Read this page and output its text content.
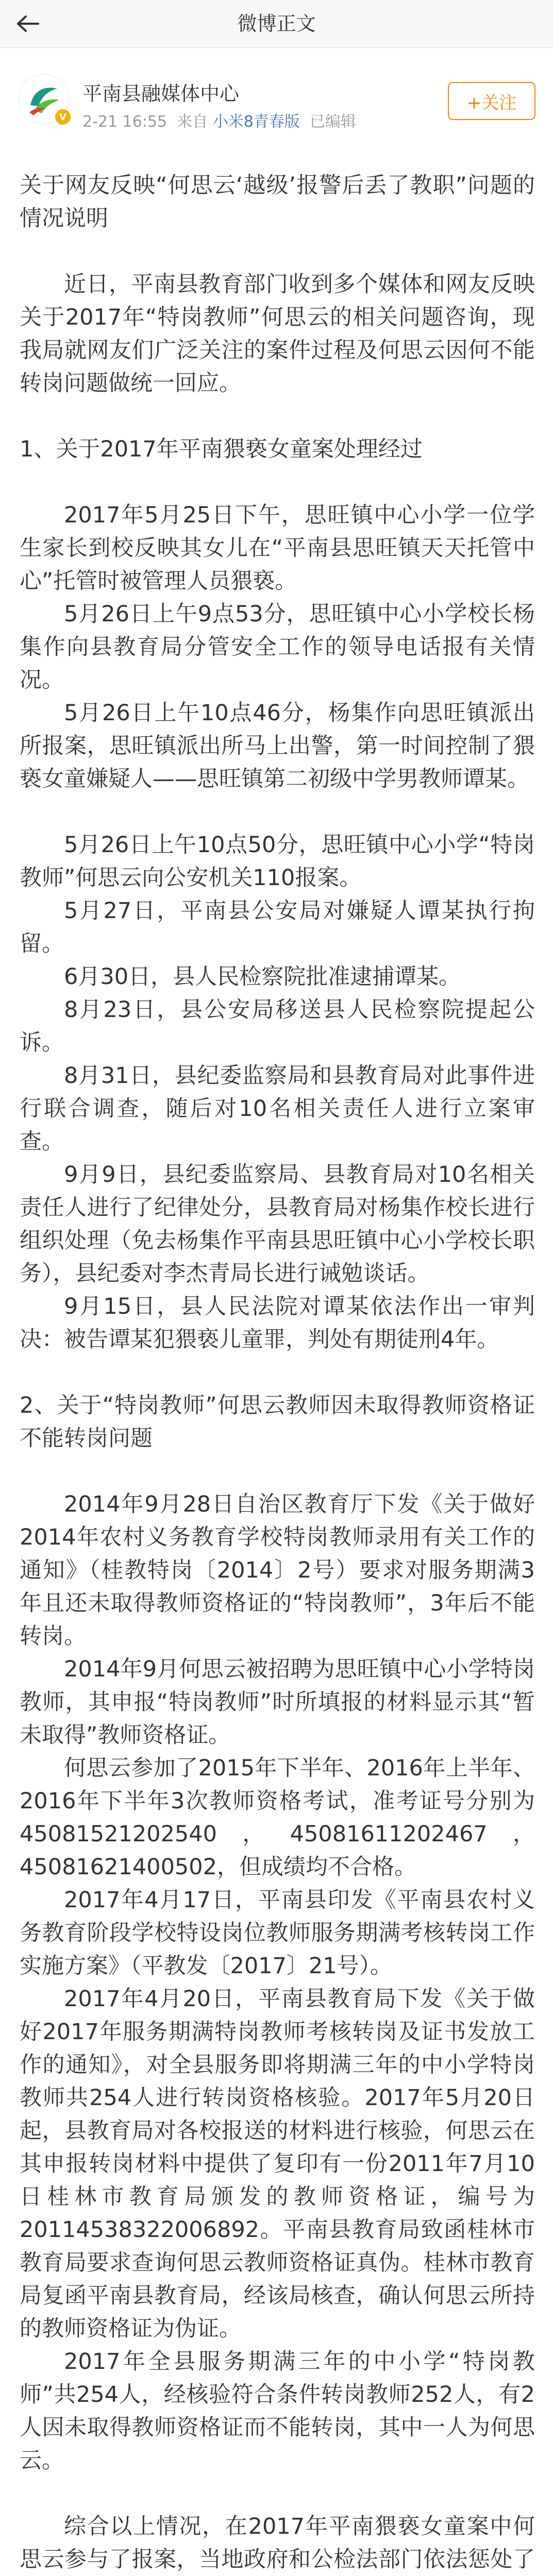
微博正文
V
平南县融媒体中心
2-21 16:55 来自 小米8青春版 已编辑
+关注

关于网友反映“何思云‘越级’报警后丢了教职”问题的情况说明

近日，平南县教育部门收到多个媒体和网友反映关于2017年“特岗教师”何思云的相关问题咨询，现我局就网友们广泛关注的案件过程及何思云因何不能转岗问题做统一回应。

1、关于2017年平南猥亵女童案处理经过

2017年5月25日下午，思旺镇中心小学一位学生家长到校反映其女儿在“平南县思旺镇天天托管中心”托管时被管理人员猥亵。

5月26日上午9点53分，思旺镇中心小学校长杨集作向县教育局分管安全工作的领导电话报有关情况。

5月26日上午10点46分，杨集作向思旺镇派出所报案，思旺镇派出所马上出警，第一时间控制了猥亵女童嫌疑人——思旺镇第二初级中学男教师谭某。

5月26日上午10点50分，思旺镇中心小学“特岗教师”何思云向公安机关110报案。

5月27日，平南县公安局对嫌疑人谭某执行拘留。

6月30日，县人民检察院批准逮捕谭某。

8月23日，县公安局移送县人民检察院提起公诉。

8月31日，县纪委监察局和县教育局对此事件进行联合调查，随后对10名相关责任人进行立案审查。

9月9日，县纪委监察局、县教育局对10名相关责任人进行了纪律处分，县教育局对杨集作校长进行组织处理（免去杨集作平南县思旺镇中心小学校长职务），县纪委对李杰青局长进行诫勉谈话。

9月15日，县人民法院对谭某依法作出一审判决：被告谭某犯猥亵儿童罪，判处有期徒刑4年。

2、关于“特岗教师”何思云教师因未取得教师资格证不能转岗问题

2014年9月28日自治区教育厅下发《关于做好2014年农村义务教育学校特岗教师录用有关工作的通知》（桂教特岗〔2014〕2号）要求对服务期满3年且还未取得教师资格证的“特岗教师”，3年后不能转岗。

2014年9月何思云被招聘为思旺镇中心小学特岗教师，其申报“特岗教师”时所填报的材料显示其“暂未取得”教师资格证。

何思云参加了2015年下半年、2016年上半年、2016年下半年3次教师资格考试，准考证号分别为45081521202540，45081611202467，45081621400502，但成绩均不合格。

2017年4月17日，平南县印发《平南县农村义务教育阶段学校特设岗位教师服务期满考核转岗工作实施方案》（平教发〔2017〕21号）。

2017年4月20日，平南县教育局下发《关于做好2017年服务期满特岗教师考核转岗及证书发放工作的通知》，对全县服务即将期满三年的中小学特岗教师共254人进行转岗资格核验。2017年5月20日起，县教育局对各校报送的材料进行核验，何思云在其申报转岗材料中提供了复印有一份2011年7月10日桂林市教育局颁发的教师资格证，编号为20114538322006892。平南县教育局致函桂林市教育局要求查询何思云教师资格证真伪。桂林市教育局复函平南县教育局，经该局核查，确认何思云所持的教师资格证为伪证。

2017年全县服务期满三年的中小学“特岗教师”共254人，经核验符合条件转岗教师252人，有2人因未取得教师资格证而不能转岗，其中一人为何思云。

综合以上情况，在2017年平南猥亵女童案中何思云参与了报案，当地政府和公检法部门依法惩处了
